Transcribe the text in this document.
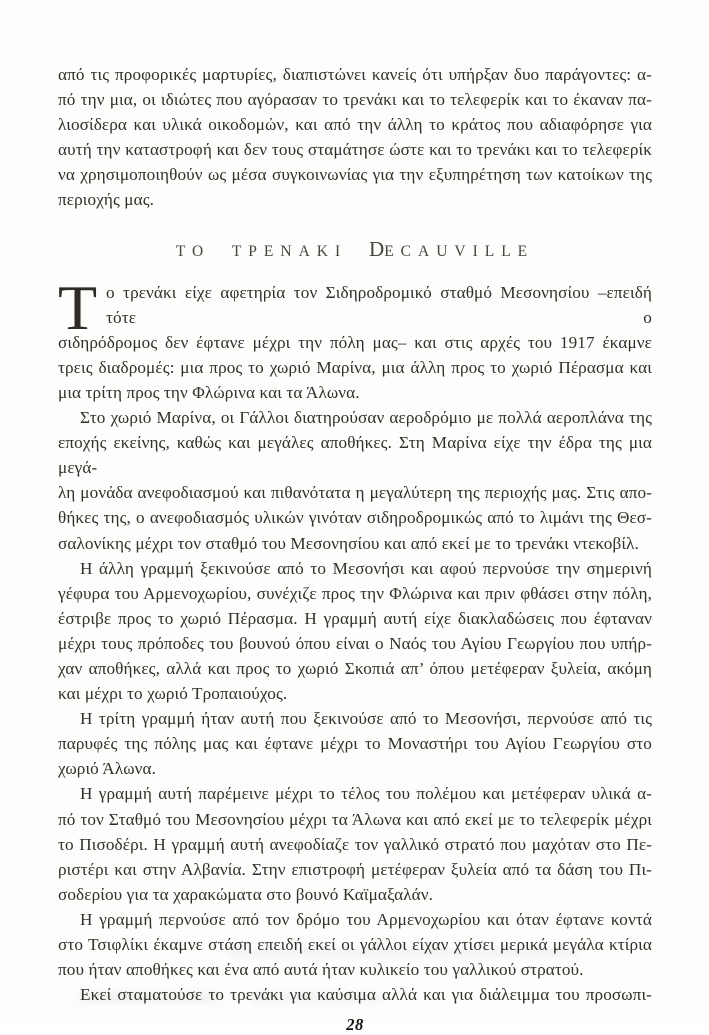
από τις προφορικές μαρτυρίες, διαπιστώνει κανείς ότι υπήρξαν δυο παράγοντες: α-
πό την μια, οι ιδιώτες που αγόρασαν το τρενάκι και το τελεφερίκ και το έκαναν πα-
λιοσίδερα και υλικά οικοδομών, και από την άλλη το κράτος που αδιαφόρησε για
αυτή την καταστροφή και δεν τους σταμάτησε ώστε και το τρενάκι και το τελεφερίκ
να χρησιμοποιηθούν ως μέσα συγκοινωνίας για την εξυπηρέτηση των κατοίκων της
περιοχής μας.
ΤΟ ΤΡΕΝΑΚΙ DECAUVILLE
Τ ο τρενάκι είχε αφετηρία τον Σιδηροδρομικό σταθμό Μεσονησίου –επειδή τότε ο
σιδηρόδρομος δεν έφτανε μέχρι την πόλη μας– και στις αρχές του 1917 έκαμνε
τρεις διαδρομές: μια προς το χωριό Μαρίνα, μια άλλη προς το χωριό Πέρασμα και
μια τρίτη προς την Φλώρινα και τα Άλωνα.
Στο χωριό Μαρίνα, οι Γάλλοι διατηρούσαν αεροδρόμιο με πολλά αεροπλάνα της
εποχής εκείνης, καθώς και μεγάλες αποθήκες. Στη Μαρίνα είχε την έδρα της μια μεγά-
λη μονάδα ανεφοδιασμού και πιθανότατα η μεγαλύτερη της περιοχής μας. Στις απο-
θήκες της, ο ανεφοδιασμός υλικών γινόταν σιδηροδρομικώς από το λιμάνι της Θεσ-
σαλονίκης μέχρι τον σταθμό του Μεσονησίου και από εκεί με το τρενάκι ντεκοβίλ.
Η άλλη γραμμή ξεκινούσε από το Μεσονήσι και αφού περνούσε την σημερινή
γέφυρα του Αρμενοχωρίου, συνέχιζε προς την Φλώρινα και πριν φθάσει στην πόλη,
έστριβε προς το χωριό Πέρασμα. Η γραμμή αυτή είχε διακλαδώσεις που έφταναν
μέχρι τους πρόποδες του βουνού όπου είναι ο Ναός του Αγίου Γεωργίου που υπήρ-
χαν αποθήκες, αλλά και προς το χωριό Σκοπιά απ’ όπου μετέφεραν ξυλεία, ακόμη
και μέχρι το χωριό Τροπαιούχος.
Η τρίτη γραμμή ήταν αυτή που ξεκινούσε από το Μεσονήσι, περνούσε από τις
παρυφές της πόλης μας και έφτανε μέχρι το Μοναστήρι του Αγίου Γεωργίου στο
χωριό Άλωνα.
Η γραμμή αυτή παρέμεινε μέχρι το τέλος του πολέμου και μετέφεραν υλικά α-
πό τον Σταθμό του Μεσονησίου μέχρι τα Άλωνα και από εκεί με το τελεφερίκ μέχρι
το Πισοδέρι. Η γραμμή αυτή ανεφοδίαζε τον γαλλικό στρατό που μαχόταν στο Πε-
ριστέρι και στην Αλβανία. Στην επιστροφή μετέφεραν ξυλεία από τα δάση του Πι-
σοδερίου για τα χαρακώματα στο βουνό Καϊμαξαλάν.
Η γραμμή περνούσε από τον δρόμο του Αρμενοχωρίου και όταν έφτανε κοντά
στο Τσιφλίκι έκαμνε στάση επειδή εκεί οι γάλλοι είχαν χτίσει μερικά μεγάλα κτίρια
που ήταν αποθήκες και ένα από αυτά ήταν κυλικείο του γαλλικού στρατού.
Εκεί σταματούσε το τρενάκι για καύσιμα αλλά και για διάλειμμα του προσωπι-
28
